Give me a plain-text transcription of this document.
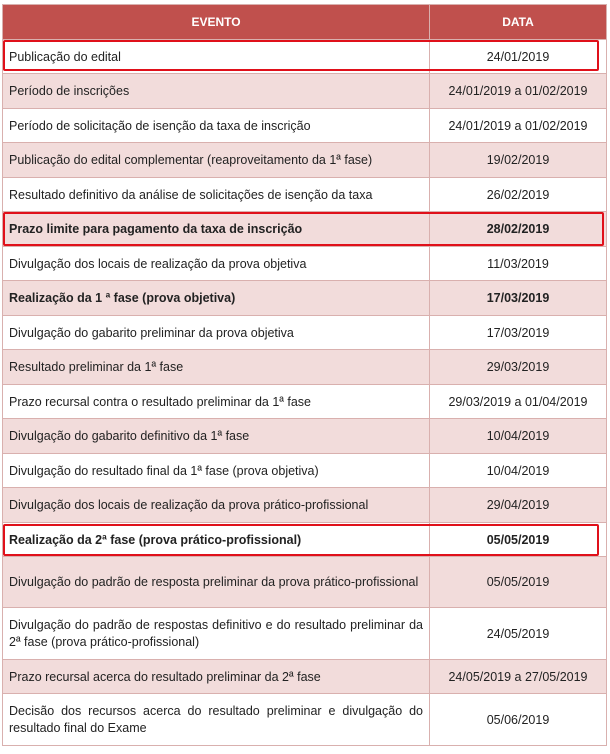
EVENTO	DATA
Publicação do edital	24/01/2019
Período de inscrições	24/01/2019 a 01/02/2019
Período de solicitação de isenção da taxa de inscrição	24/01/2019 a 01/02/2019
Publicação do edital complementar (reaproveitamento da 1ª fase)	19/02/2019
Resultado definitivo da análise de solicitações de isenção da taxa	26/02/2019
Prazo limite para pagamento da taxa de inscrição	28/02/2019
Divulgação dos locais de realização da prova objetiva	11/03/2019
Realização da 1 ª fase (prova objetiva)	17/03/2019
Divulgação do gabarito preliminar da prova objetiva	17/03/2019
Resultado preliminar da 1ª fase	29/03/2019
Prazo recursal contra o resultado preliminar da 1ª fase	29/03/2019 a 01/04/2019
Divulgação do gabarito definitivo da 1ª fase	10/04/2019
Divulgação do resultado final da 1ª fase (prova objetiva)	10/04/2019
Divulgação dos locais de realização da prova prático-profissional	29/04/2019
Realização da 2ª fase (prova prático-profissional)	05/05/2019
Divulgação do padrão de resposta preliminar da prova prático-profissional	05/05/2019
Divulgação do padrão de respostas definitivo e do resultado preliminar da 2ª fase (prova prático-profissional)	24/05/2019
Prazo recursal acerca do resultado preliminar da 2ª fase	24/05/2019 a 27/05/2019
Decisão dos recursos acerca do resultado preliminar e divulgação do resultado final do Exame	05/06/2019
